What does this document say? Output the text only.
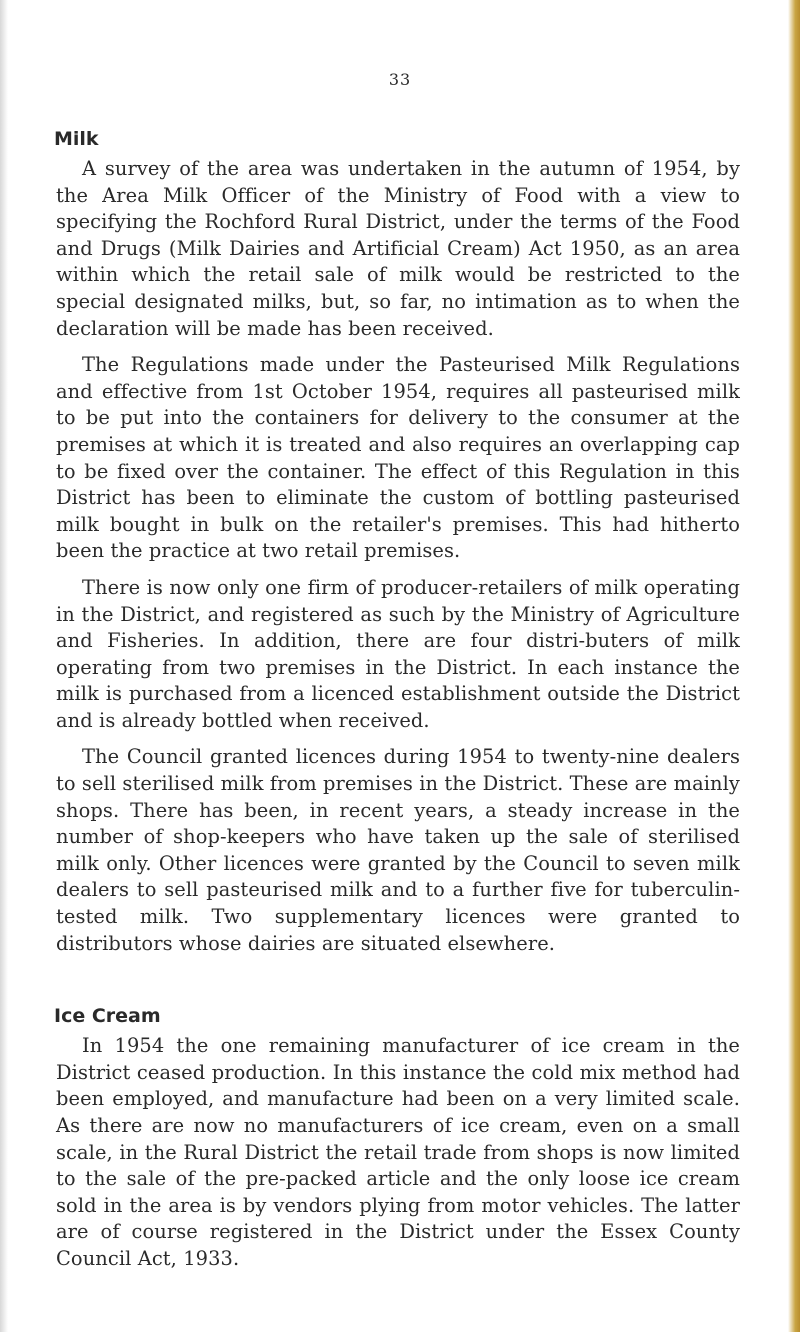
33
Milk

A survey of the area was undertaken in the autumn of 1954, by the Area Milk Officer of the Ministry of Food with a view to specifying the Rochford Rural District, under the terms of the Food and Drugs (Milk Dairies and Artificial Cream) Act 1950, as an area within which the retail sale of milk would be restricted to the special designated milks, but, so far, no intimation as to when the declaration will be made has been received.

The Regulations made under the Pasteurised Milk Regulations and effective from 1st October 1954, requires all pasteurised milk to be put into the containers for delivery to the consumer at the premises at which it is treated and also requires an overlapping cap to be fixed over the container. The effect of this Regulation in this District has been to eliminate the custom of bottling pasteurised milk bought in bulk on the retailer's premises. This had hitherto been the practice at two retail premises.

There is now only one firm of producer-retailers of milk operating in the District, and registered as such by the Ministry of Agriculture and Fisheries. In addition, there are four distri-buters of milk operating from two premises in the District. In each instance the milk is purchased from a licenced establishment outside the District and is already bottled when received.

The Council granted licences during 1954 to twenty-nine dealers to sell sterilised milk from premises in the District. These are mainly shops. There has been, in recent years, a steady increase in the number of shop-keepers who have taken up the sale of sterilised milk only. Other licences were granted by the Council to seven milk dealers to sell pasteurised milk and to a further five for tuberculin-tested milk. Two supplementary licences were granted to distributors whose dairies are situated elsewhere.

Ice Cream

In 1954 the one remaining manufacturer of ice cream in the District ceased production. In this instance the cold mix method had been employed, and manufacture had been on a very limited scale. As there are now no manufacturers of ice cream, even on a small scale, in the Rural District the retail trade from shops is now limited to the sale of the pre-packed article and the only loose ice cream sold in the area is by vendors plying from motor vehicles. The latter are of course registered in the District under the Essex County Council Act, 1933.
